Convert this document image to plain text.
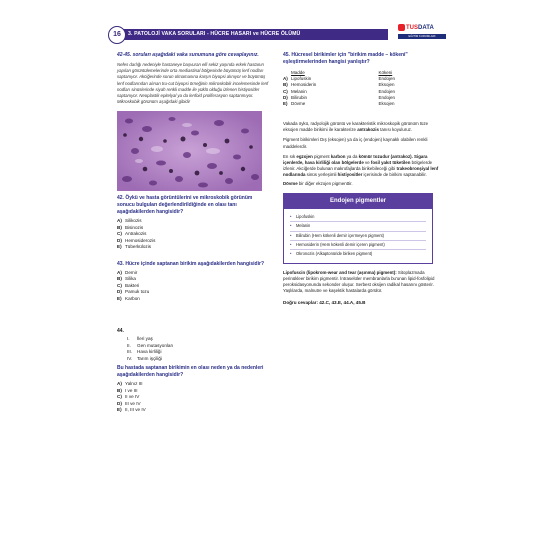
16	3. PATOLOJİ VAKA SORULARI - HÜCRE HASARI ve HÜCRE ÖLÜMÜ
TUSDATA
EĞİTİM KURUMLARI

42-45. soruları aşağıdaki vaka sunumuna göre cevaplayınız.

Nefes darlığı nedeniyle hastaneye başvuran elli sekiz yaşında erkek hastanın yapılan görüntülemelerinde orta mediastinal bölgesinde büyümüş lenf nodları saptanıyor. Akciğerinde sorun olmamasına karşın biyopsi alınıyor ve büyümüş lenf nodlarından alınan tru-cut biyopsi örneğinin mikroskobik incelemesinde lenf nodları sinüslerinde siyah renkli madde ile yüklü olduğu izlenen histiyositler saptanıyor. Neoplastik epitelyal ya da lenfoid proliferasyon saptanmıyor. Mikroskobik görünüm aşağıdaki gibidir

42. Öykü ve hasta görüntülerini ve mikroskobik görünüm sonucu bulguları değerlendirildiğinde en olası tanı aşağıdakilerden hangisidir?

A) Silikozis
B) Bisinozis
C) Antrakozis
D) Hemosiderozis
E) Tüberkülozis

43. Hücre içinde saptanan birikim aşağıdakilerden hangisidir?

A) Demir
B) Silika
C) Bakteri
D) Pamuk tozu
E) Karbon
44.
I. İleri yaş
II. Gen mutasyonları
III. Hava kirliliği
IV. Tarım işçiliği

Bu hastada saptanan birikimin en olası neden ya da nedenleri aşağıdakilerden hangisidir?

A) Yalnız III
B) I ve III
C) II ve IV
D) III ve IV
E) II, III ve IV

45. Hücresel birikimler için "birikim madde – kökeni" eşleştirmelerinden hangisi yanlıştır?

Madde	Kökeni
A) Lipofuskin	Endojen
B) Hemosiderin	Eksojen
C) Melanin	Endojen
D) Bilirubin	Endojen
E) Dövme	Eksojen

Vakada öykü, radyolojik görüntü ve karakteristik mikroskopik görünüm tüze eksojen madde birikimi ile karakterize antrakozis tanısı koyuluruz.

Pigment birikimleri Dış (eksojen) ya da iç (endojen) kaynaklı olabilen renkli maddelerdir.

En sık egzojen pigment karbon ya da kömür tozudur (antrakoz). Sigara içenlerde, hava kirliliği olan bölgelerde ve fosil yakıt tüketilen bölgelerde izlenir. Akciğerde bulunan makrofajlarda birikebileceği gibi trakeobronşiyal lenf nodlarında sinüs yerleşimli histiyositler içerisinde de birikim saptanabilir.

Dövme bir diğer ekzojen pigmenttir.

Endojen pigmentler
• Lipofuskin
• Melanin
• Bilirubin (Hem kökenli demir içermeyen pigment)
• Hemosiderin (Hem kökenli demir içeren pigment)
• Okronozis (Alkaptonüride biriken pigment)

Lipofuscin (lipokrom-wear and tear (aşınma) pigment): Sitoplazmada perinükleer birikim pigmentir. İntraselüler membranlarla bu'unan lipid-fosfolipid peroksidasyonunda sekonder oluşur. Serbest oksijen radikal hasarını gösterir. Yaşlılarda, malnutre ve kaşektik hastalarda görülür.

Doğru cevaplar: 42.C, 43.E, 44.A, 45.B
